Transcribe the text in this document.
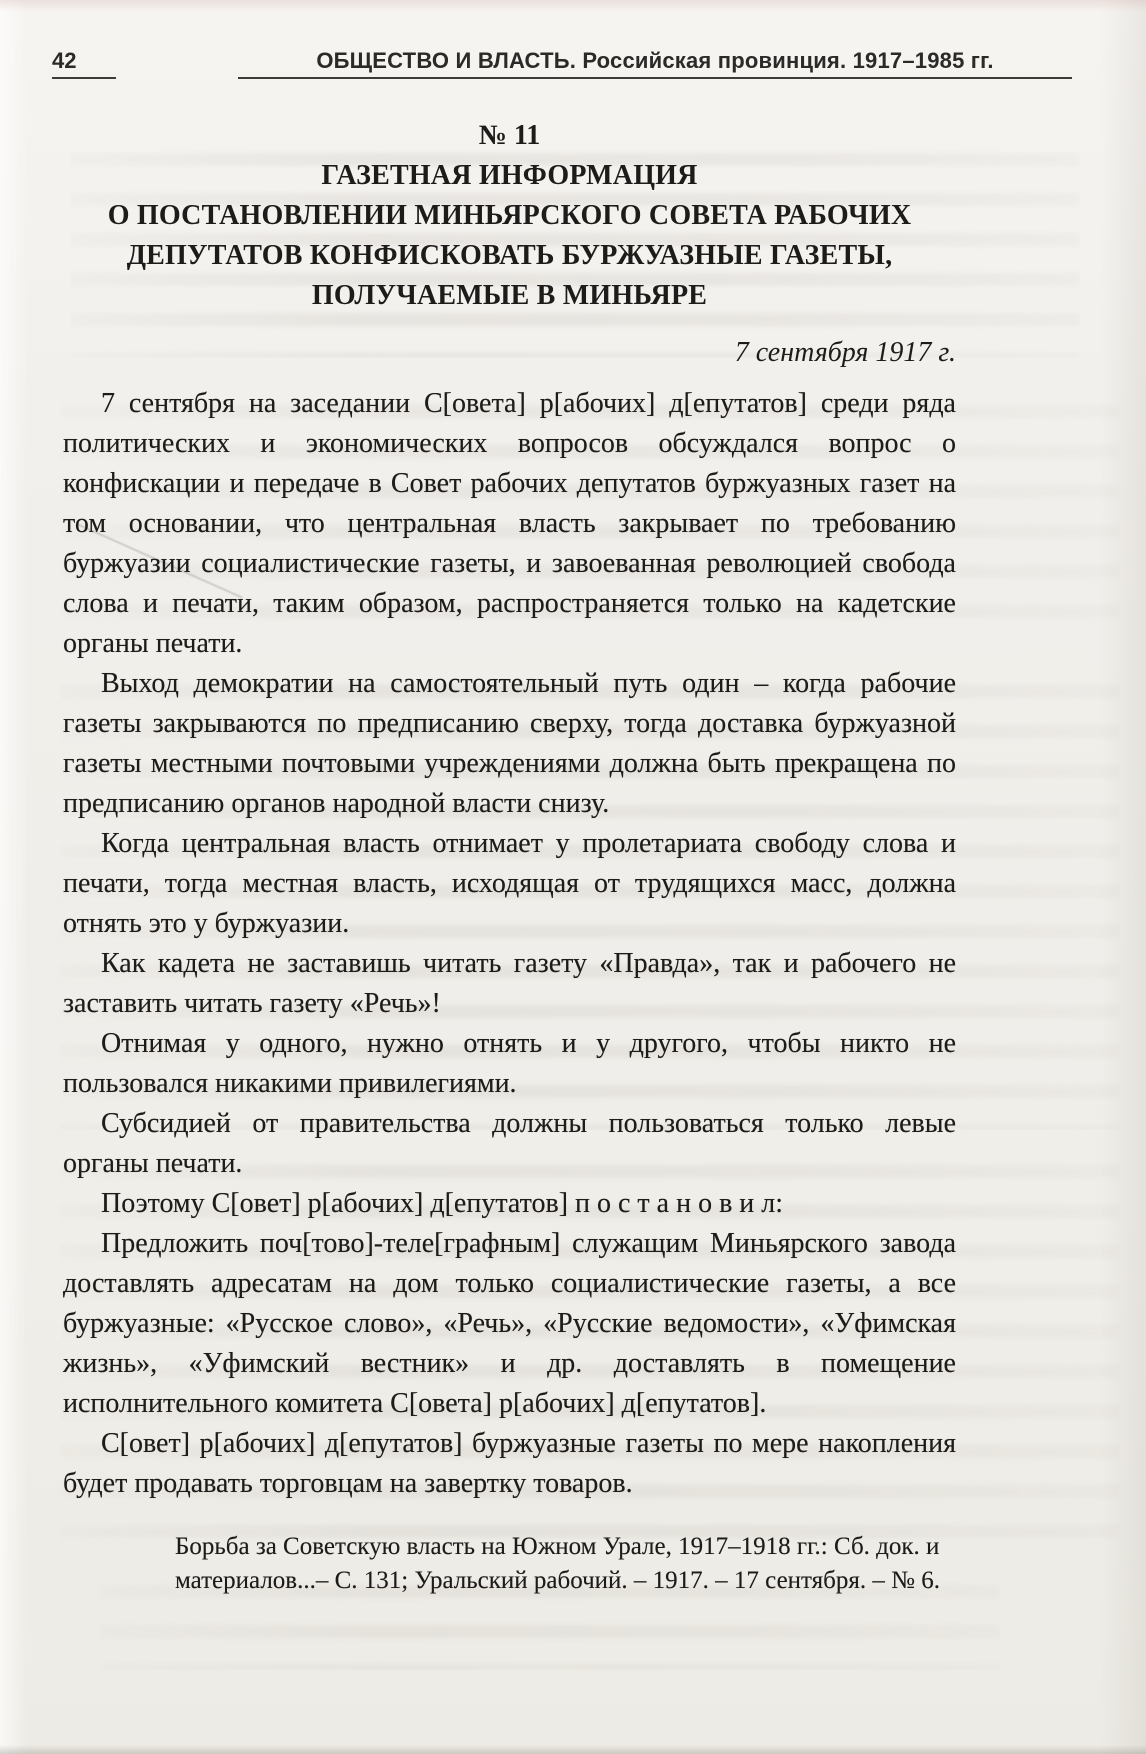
42	ОБЩЕСТВО И ВЛАСТЬ. Российская провинция. 1917–1985 гг.
№ 11
ГАЗЕТНАЯ ИНФОРМАЦИЯ
О ПОСТАНОВЛЕНИИ МИНЬЯРСКОГО СОВЕТА РАБОЧИХ
ДЕПУТАТОВ КОНФИСКОВАТЬ БУРЖУАЗНЫЕ ГАЗЕТЫ,
ПОЛУЧАЕМЫЕ В МИНЬЯРЕ
7 сентября 1917 г.

7 сентября на заседании С[овета] р[абочих] д[епутатов] среди ряда политических и экономических вопросов обсуждался вопрос о конфискации и передаче в Совет рабочих депутатов буржуазных газет на том основании, что центральная власть закрывает по требованию буржуазии социалистические газеты, и завоеванная революцией свобода слова и печати, таким образом, распространяется только на кадетские органы печати.

Выход демократии на самостоятельный путь один – когда рабочие газеты закрываются по предписанию сверху, тогда доставка буржуазной газеты местными почтовыми учреждениями должна быть прекращена по предписанию органов народной власти снизу.

Когда центральная власть отнимает у пролетариата свободу слова и печати, тогда местная власть, исходящая от трудящихся масс, должна отнять это у буржуазии.

Как кадета не заставишь читать газету «Правда», так и рабочего не заставить читать газету «Речь»!

Отнимая у одного, нужно отнять и у другого, чтобы никто не пользовался никакими привилегиями.

Субсидией от правительства должны пользоваться только левые органы печати.

Поэтому С[овет] р[абочих] д[епутатов] п о с т а н о в и л:

Предложить поч[тово]-теле[графным] служащим Миньярского завода доставлять адресатам на дом только социалистические газеты, а все буржуазные: «Русское слово», «Речь», «Русские ведомости», «Уфимская жизнь», «Уфимский вестник» и др. доставлять в помещение исполнительного комитета С[овета] р[абочих] д[епутатов].

С[овет] р[абочих] д[епутатов] буржуазные газеты по мере накопления будет продавать торговцам на завертку товаров.

Борьба за Советскую власть на Южном Урале, 1917–1918 гг.: Сб. док. и материалов...– С. 131; Уральский рабочий. – 1917. – 17 сентября. – № 6.
